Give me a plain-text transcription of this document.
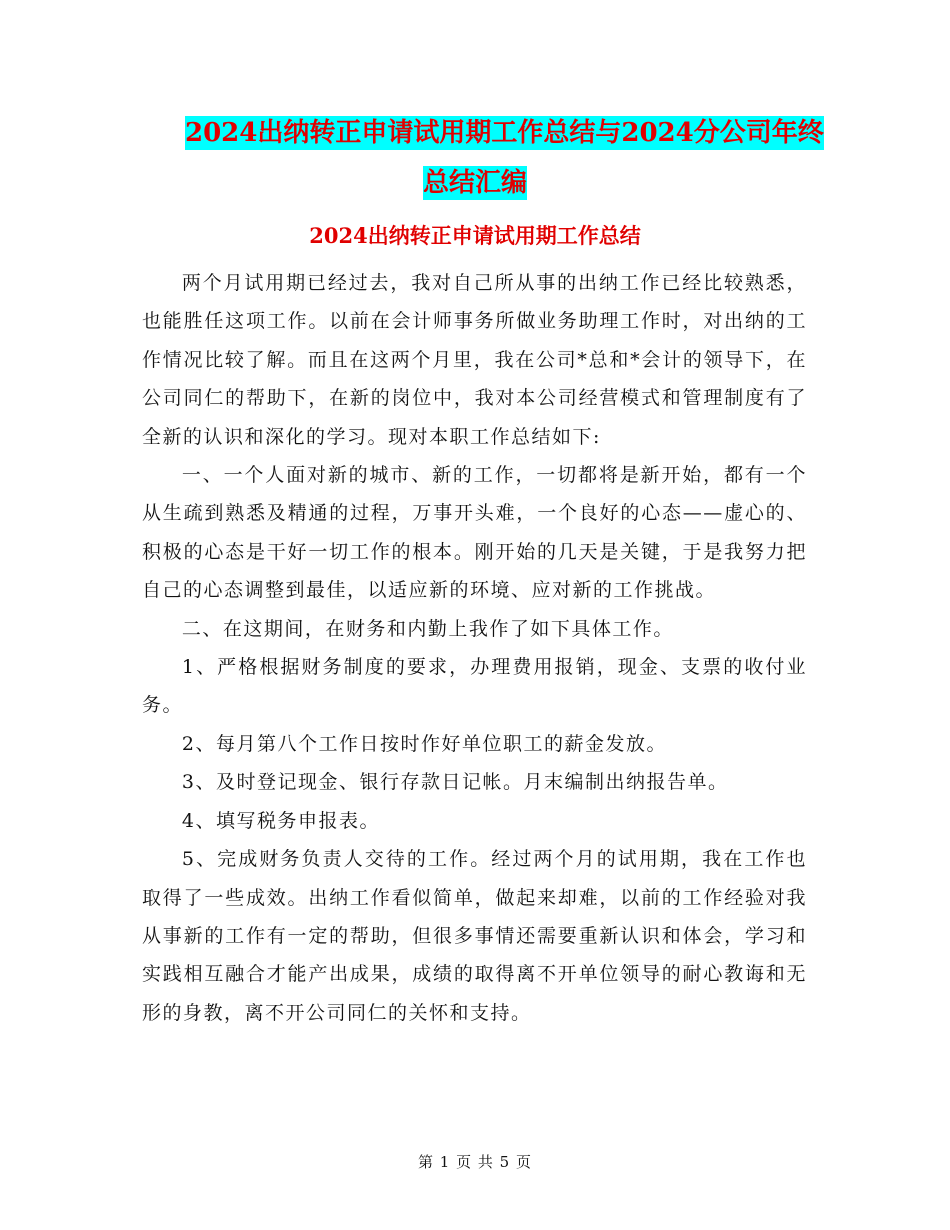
2024出纳转正申请试用期工作总结与2024分公司年终
总结汇编
2024出纳转正申请试用期工作总结

两个月试用期已经过去，我对自己所从事的出纳工作已经比较熟悉，也能胜任这项工作。以前在会计师事务所做业务助理工作时，对出纳的工作情况比较了解。而且在这两个月里，我在公司*总和*会计的领导下，在公司同仁的帮助下，在新的岗位中，我对本公司经营模式和管理制度有了全新的认识和深化的学习。现对本职工作总结如下:

一、一个人面对新的城市、新的工作，一切都将是新开始，都有一个从生疏到熟悉及精通的过程，万事开头难，一个良好的心态——虚心的、积极的心态是干好一切工作的根本。刚开始的几天是关键，于是我努力把自己的心态调整到最佳，以适应新的环境、应对新的工作挑战。

二、在这期间，在财务和内勤上我作了如下具体工作。

1、严格根据财务制度的要求，办理费用报销，现金、支票的收付业务。

2、每月第八个工作日按时作好单位职工的薪金发放。

3、及时登记现金、银行存款日记帐。月末编制出纳报告单。

4、填写税务申报表。

5、完成财务负责人交待的工作。经过两个月的试用期，我在工作也取得了一些成效。出纳工作看似简单，做起来却难，以前的工作经验对我从事新的工作有一定的帮助，但很多事情还需要重新认识和体会，学习和实践相互融合才能产出成果，成绩的取得离不开单位领导的耐心教诲和无形的身教，离不开公司同仁的关怀和支持。

第 1 页 共 5 页
